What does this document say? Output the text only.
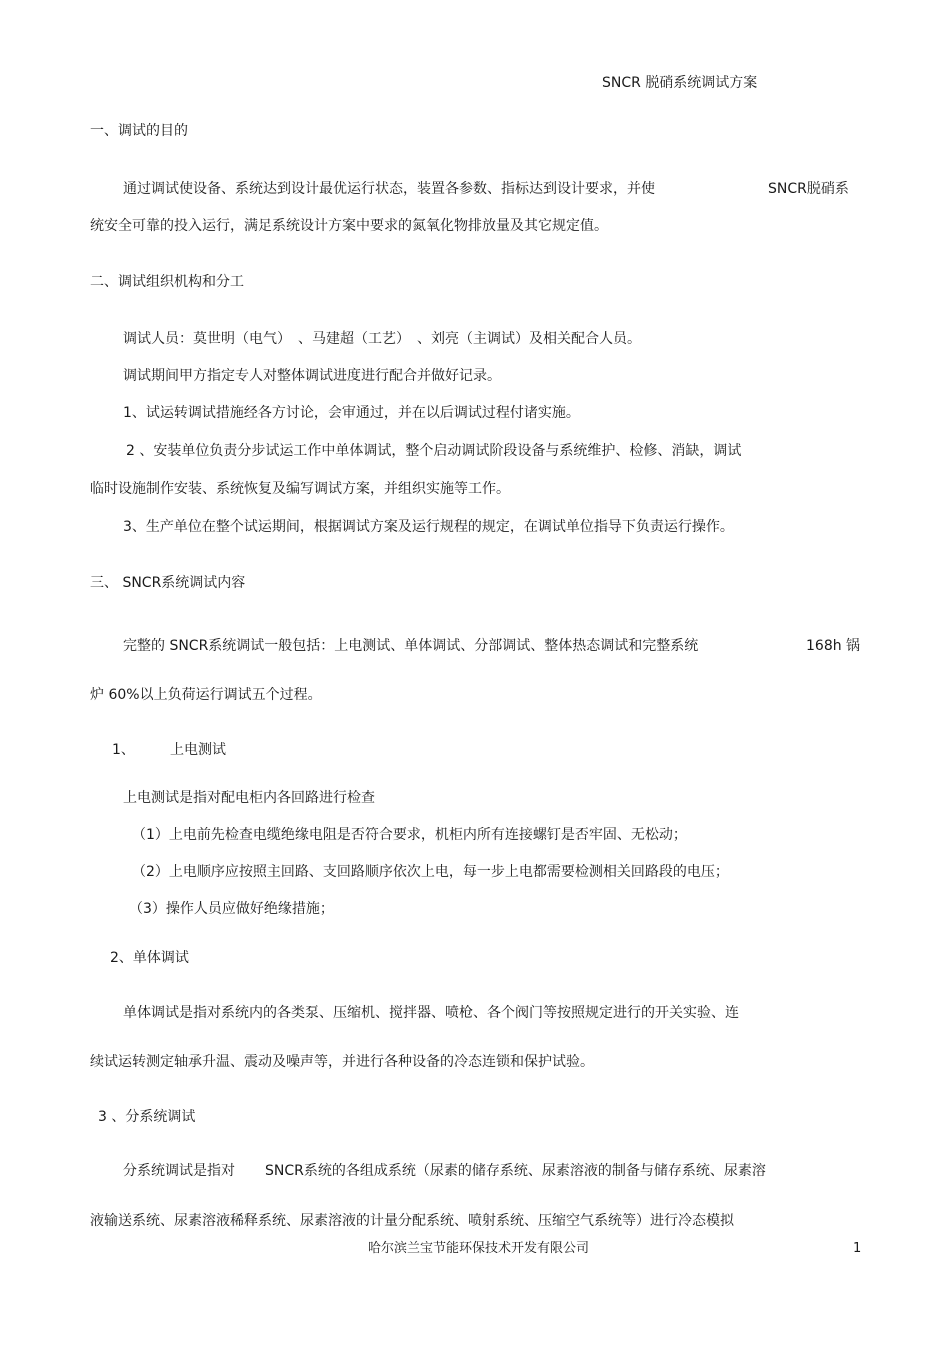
SNCR 脱硝系统调试方案
一、调试的目的
通过调试使设备、系统达到设计最优运行状态，装置各参数、指标达到设计要求，并使	SNCR脱硝系
统安全可靠的投入运行，满足系统设计方案中要求的氮氧化物排放量及其它规定值。
二、调试组织机构和分工
调试人员：莫世明（电气）　、马建超（工艺）　、刘亮（主调试）及相关配合人员。
调试期间甲方指定专人对整体调试进度进行配合并做好记录。
1、试运转调试措施经各方讨论，会审通过，并在以后调试过程付诸实施。
2 、安装单位负责分步试运工作中单体调试，整个启动调试阶段设备与系统维护、检修、消缺，调试
临时设施制作安装、系统恢复及编写调试方案，并组织实施等工作。
3、生产单位在整个试运期间，根据调试方案及运行规程的规定，在调试单位指导下负责运行操作。
三、 SNCR系统调试内容
完整的 SNCR系统调试一般包括：上电测试、单体调试、分部调试、整体热态调试和完整系统	168h 锅
炉 60%以上负荷运行调试五个过程。
1、	上电测试
上电测试是指对配电柜内各回路进行检查
（1）上电前先检查电缆绝缘电阻是否符合要求，机柜内所有连接螺钉是否牢固、无松动；
（2）上电顺序应按照主回路、支回路顺序依次上电，每一步上电都需要检测相关回路段的电压；
（3）操作人员应做好绝缘措施；
2、单体调试
单体调试是指对系统内的各类泵、压缩机、搅拌器、喷枪、各个阀门等按照规定进行的开关实验、连
续试运转测定轴承升温、震动及噪声等，并进行各种设备的冷态连锁和保护试验。
3 、分系统调试
分系统调试是指对 SNCR系统的各组成系统（尿素的储存系统、尿素溶液的制备与储存系统、尿素溶
液输送系统、尿素溶液稀释系统、尿素溶液的计量分配系统、喷射系统、压缩空气系统等）进行冷态模拟
哈尔滨兰宝节能环保技术开发有限公司	1
